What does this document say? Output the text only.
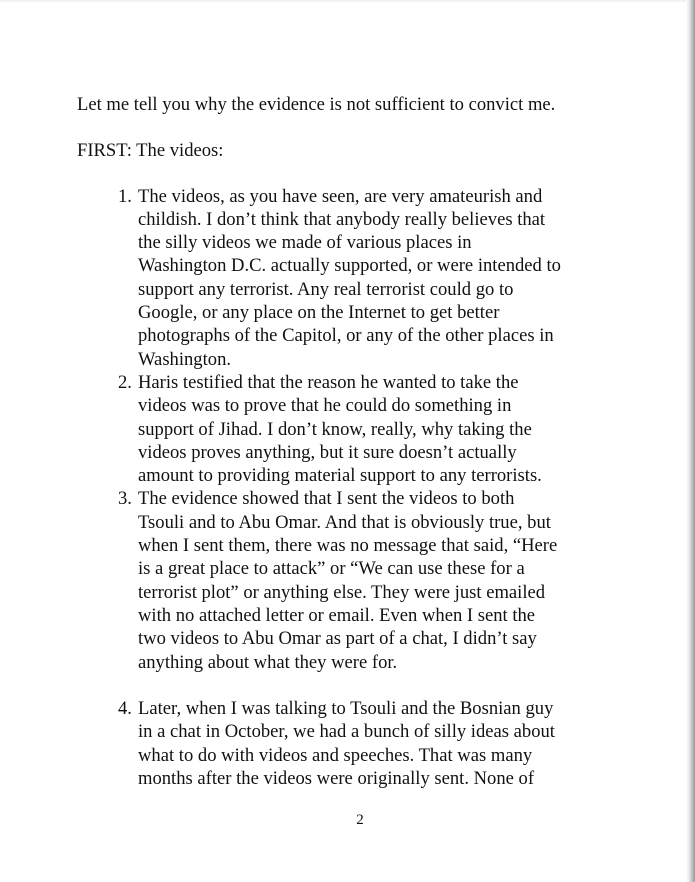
Let me tell you why the evidence is not sufficient to convict me.

FIRST: The videos:

1. The videos, as you have seen, are very amateurish and
childish. I don’t think that anybody really believes that
the silly videos we made of various places in
Washington D.C. actually supported, or were intended to
support any terrorist. Any real terrorist could go to
Google, or any place on the Internet to get better
photographs of the Capitol, or any of the other places in
Washington.
2. Haris testified that the reason he wanted to take the
videos was to prove that he could do something in
support of Jihad. I don’t know, really, why taking the
videos proves anything, but it sure doesn’t actually
amount to providing material support to any terrorists.
3. The evidence showed that I sent the videos to both
Tsouli and to Abu Omar. And that is obviously true, but
when I sent them, there was no message that said, “Here
is a great place to attack” or “We can use these for a
terrorist plot” or anything else. They were just emailed
with no attached letter or email. Even when I sent the
two videos to Abu Omar as part of a chat, I didn’t say
anything about what they were for.
4. Later, when I was talking to Tsouli and the Bosnian guy
in a chat in October, we had a bunch of silly ideas about
what to do with videos and speeches. That was many
months after the videos were originally sent. None of
2
